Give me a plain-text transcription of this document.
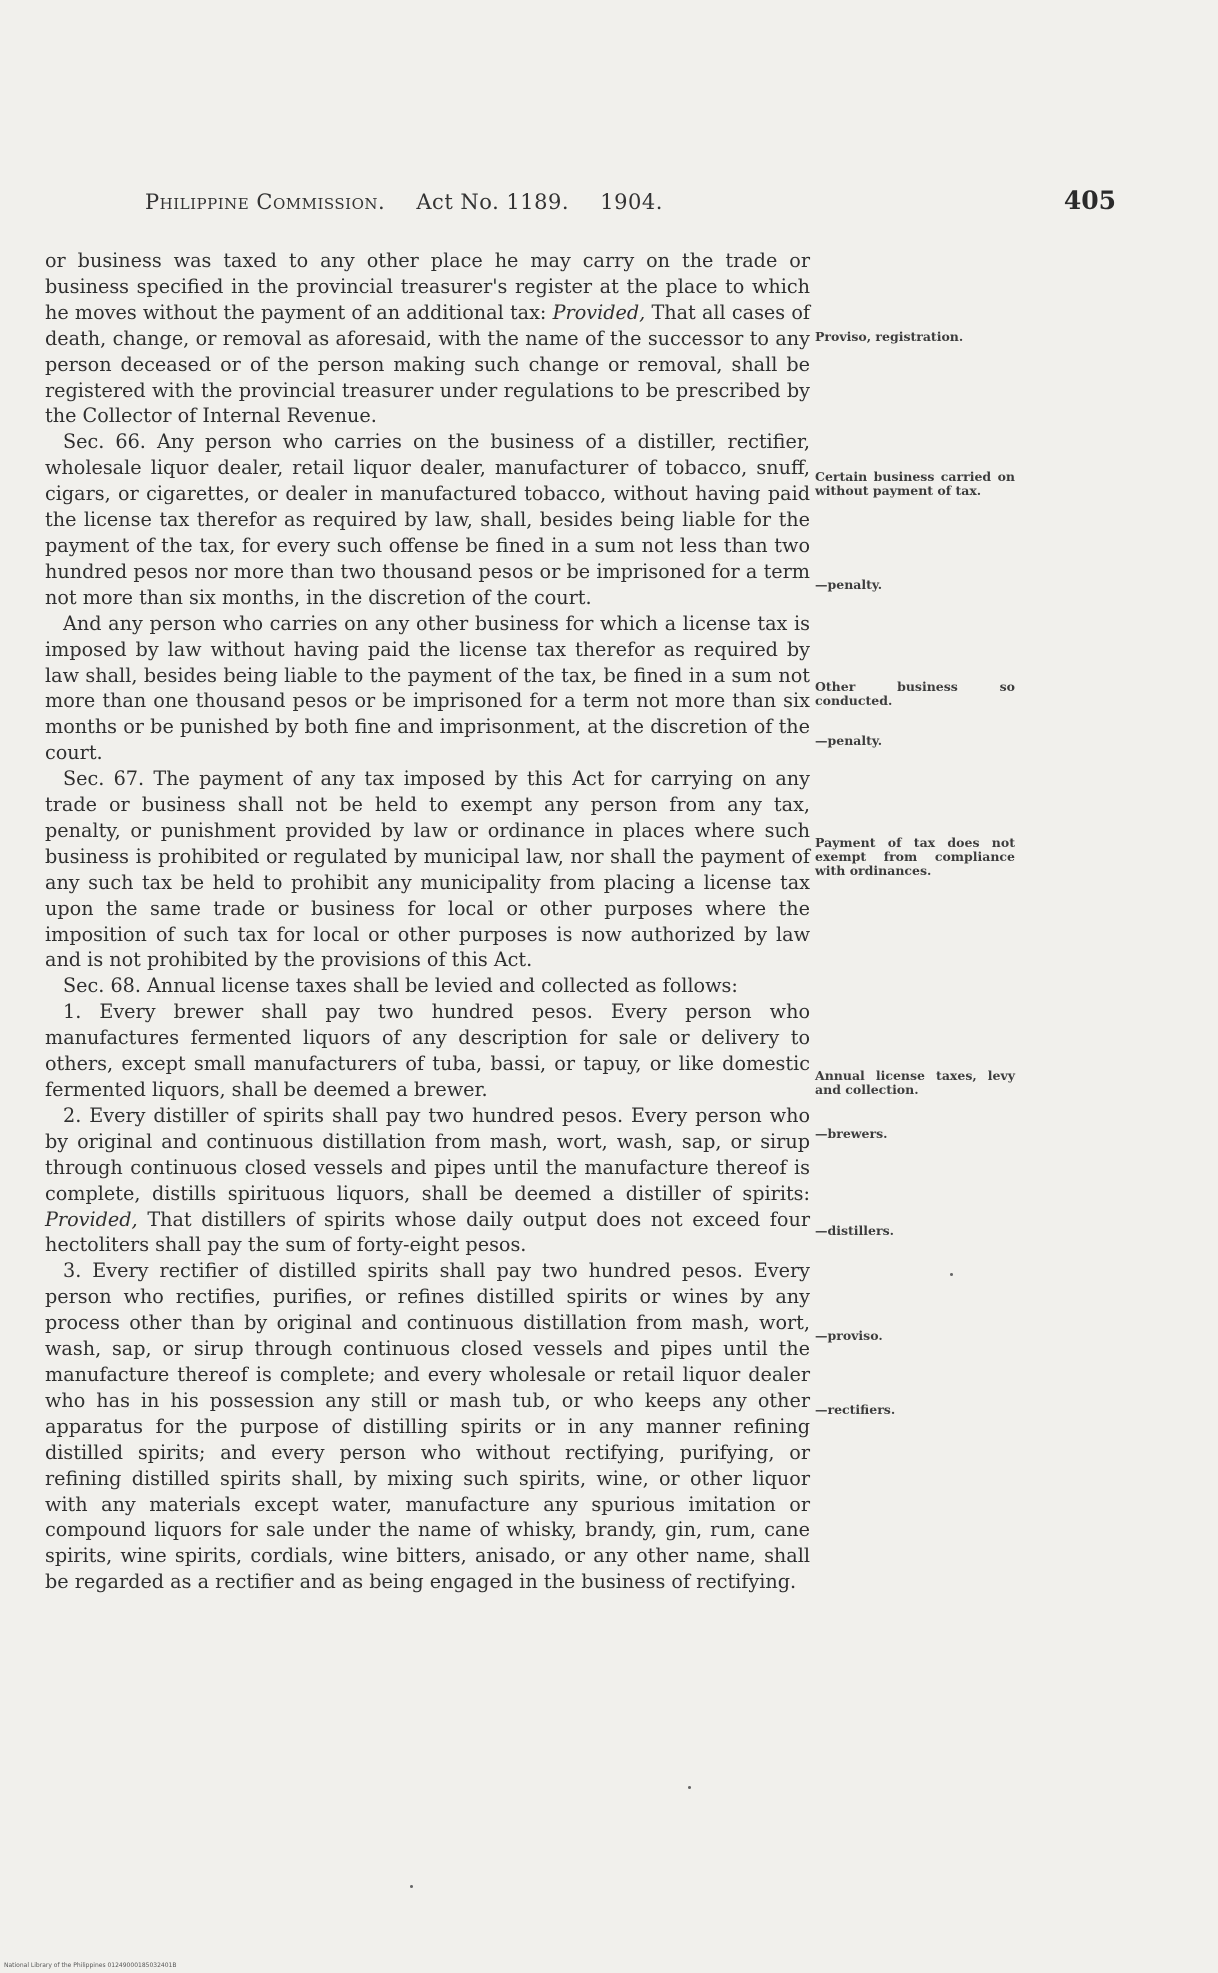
Philippine Commission. Act No. 1189. 1904.	405

or business was taxed to any other place he may carry on the trade or business specified in the provincial treasurer's register at the place to which he moves without the payment of an additional tax: Provided, That all cases of death, change, or removal as aforesaid, with the name of the successor to any person deceased or of the person making such change or removal, shall be registered with the provincial treasurer under regulations to be prescribed by the Collector of Internal Revenue.

Sec. 66. Any person who carries on the business of a distiller, rectifier, wholesale liquor dealer, retail liquor dealer, manufacturer of tobacco, snuff, cigars, or cigarettes, or dealer in manufactured tobacco, without having paid the license tax therefor as required by law, shall, besides being liable for the payment of the tax, for every such offense be fined in a sum not less than two hundred pesos nor more than two thousand pesos or be imprisoned for a term not more than six months, in the discretion of the court.

And any person who carries on any other business for which a license tax is imposed by law without having paid the license tax therefor as required by law shall, besides being liable to the payment of the tax, be fined in a sum not more than one thousand pesos or be imprisoned for a term not more than six months or be punished by both fine and imprisonment, at the discretion of the court.

Sec. 67. The payment of any tax imposed by this Act for carrying on any trade or business shall not be held to exempt any person from any tax, penalty, or punishment provided by law or ordinance in places where such business is prohibited or regulated by municipal law, nor shall the payment of any such tax be held to prohibit any municipality from placing a license tax upon the same trade or business for local or other purposes where the imposition of such tax for local or other purposes is now authorized by law and is not prohibited by the provisions of this Act.

Sec. 68. Annual license taxes shall be levied and collected as follows:

1. Every brewer shall pay two hundred pesos. Every person who manufactures fermented liquors of any description for sale or delivery to others, except small manufacturers of tuba, bassi, or tapuy, or like domestic fermented liquors, shall be deemed a brewer.

2. Every distiller of spirits shall pay two hundred pesos. Every person who by original and continuous distillation from mash, wort, wash, sap, or sirup through continuous closed vessels and pipes until the manufacture thereof is complete, distills spirituous liquors, shall be deemed a distiller of spirits: Provided, That distillers of spirits whose daily output does not exceed four hectoliters shall pay the sum of forty-eight pesos.

3. Every rectifier of distilled spirits shall pay two hundred pesos. Every person who rectifies, purifies, or refines distilled spirits or wines by any process other than by original and continuous distillation from mash, wort, wash, sap, or sirup through continuous closed vessels and pipes until the manufacture thereof is complete; and every wholesale or retail liquor dealer who has in his possession any still or mash tub, or who keeps any other apparatus for the purpose of distilling spirits or in any manner refining distilled spirits; and every person who without rectifying, purifying, or refining distilled spirits shall, by mixing such spirits, wine, or other liquor with any materials except water, manufacture any spurious imitation or compound liquors for sale under the name of whisky, brandy, gin, rum, cane spirits, wine spirits, cordials, wine bitters, anisado, or any other name, shall be regarded as a rectifier and as being engaged in the business of rectifying.

Proviso, registration.
Certain business carried on without payment of tax.
—penalty.
Other business so conducted.
—penalty.
Payment of tax does not exempt from compliance with ordinances.
Annual license taxes, levy and collection.
—brewers.
—distillers.
—proviso.
—rectifiers.
National Library of the Philippines 01249000185032401B
